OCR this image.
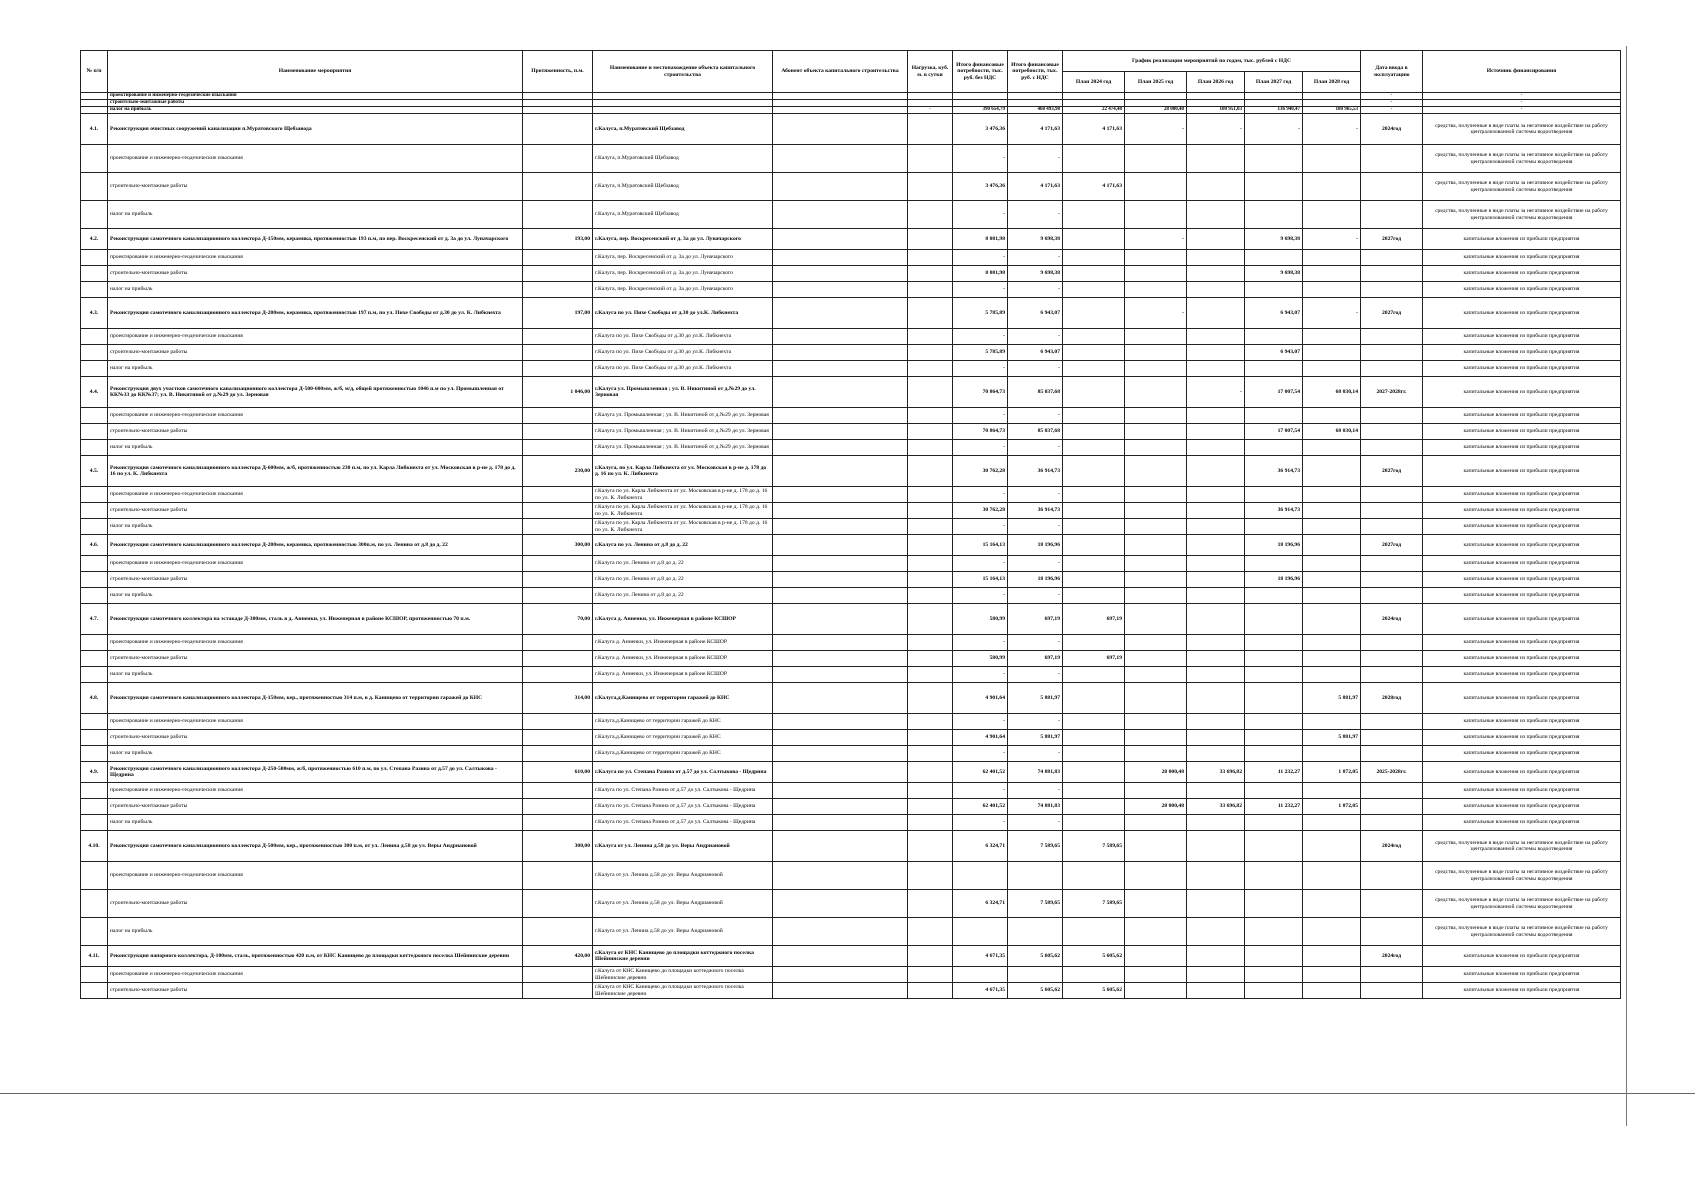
№ п/п	Наименование мероприятия	Протяженность, п.м.	Наименование и местонахождение объекта капитального строительства	Абонент объекта капитального строительства	Нагрузка, куб. м. в сутки	Итого финансовые потребности, тыс. руб. без НДС	Итого финансовые потребности, тыс. руб. с НДС	График реализации мероприятий по годам, тыс. рублей с НДС					Дата ввода в эксплуатацию	Источник финансирования
								План 2024 год	План 2025 год	План 2026 год	План 2027 год	План 2028 год		
	проектирование и инженерно-геодезические изыскания												-	-
	строительно-монтажные работы												-	-
	налог на прибыль				-	390 654,79	468 493,98	22 474,48	28 000,48	100 951,03	136 940,47	180 965,53	-	-
4.1.	Реконструкция очистных сооружений канализации п.Муратовского Щебзавода		г.Калуга, п.Муратовский Щебзавод			3 476,36	4 171,63	4 171,63	-	-	-	-	2024год	средства, полученные в виде платы за негативное воздействие на работу централизованной системы водоотведения
	проектирование и инженерно-геодезические изыскания		г.Калуга, п.Муратовский Щебзавод			-	-							средства, полученные в виде платы за негативное воздействие на работу централизованной системы водоотведения
	строительно-монтажные работы		г.Калуга, п.Муратовский Щебзавод			3 476,36	4 171,63	4 171,63						средства, полученные в виде платы за негативное воздействие на работу централизованной системы водоотведения
	налог на прибыль		г.Калуга, п.Муратовский Щебзавод			-	-							средства, полученные в виде платы за негативное воздействие на работу централизованной системы водоотведения
4.2.	Реконструкция самотечного канализационного коллектора Д-150мм, керамика, протяженностью 193 п.м, по пер. Воскресенский от д. 3а до ул. Луначарского	193,00	г.Калуга, пер. Воскресенский от д. 3а до ул. Луначарского			8 081,98	9 698,38		-		9 698,38	-	2027год	капитальные вложения из прибыли предприятия
	проектирование и инженерно-геодезические изыскания		г.Калуга, пер. Воскресенский от д. 3а до ул. Луначарского			-	-							капитальные вложения из прибыли предприятия
	строительно-монтажные работы		г.Калуга, пер. Воскресенский от д. 3а до ул. Луначарского			8 081,98	9 698,38				9 698,38			капитальные вложения из прибыли предприятия
	налог на прибыль		г.Калуга, пер. Воскресенский от д. 3а до ул. Луначарского			-	-							капитальные вложения из прибыли предприятия
4.3.	Реконструкция самотечного канализационного коллектора Д-200мм, керамика, протяженностью 197 п.м, по ул. Пихе Свободы от д.30 до ул. К. Либкнехта	197,00	г.Калуга по ул. Пихе Свободы от д.30 до ул.К. Либкнехта			5 785,89	6 943,07		-		6 943,07	-	2027год	капитальные вложения из прибыли предприятия
	проектирование и инженерно-геодезические изыскания		г.Калуга по ул. Пихе Свободы от д.30 до ул.К. Либкнехта			-	-							капитальные вложения из прибыли предприятия
	строительно-монтажные работы		г.Калуга по ул. Пихе Свободы от д.30 до ул.К. Либкнехта			5 785,89	6 943,07				6 943,07			капитальные вложения из прибыли предприятия
	налог на прибыль		г.Калуга по ул. Пихе Свободы от д.30 до ул.К. Либкнехта			-	-							капитальные вложения из прибыли предприятия
4.4.	Реконструкция двух участков самотечного канализационного коллектора Д-500-600мм, ж/б, м/д, общей протяженностью 1046 п.м по ул. Промышленная от КК№33 до КК№37; ул. В. Никитиной от д.№29 до ул. Зерновая	1 046,00	г.Калуга ул. Промышленная ; ул. В. Никитиной от д.№29 до ул. Зерновая			70 864,73	85 037,68			-	17 007,54	68 030,14	2027-2028гг.	капитальные вложения из прибыли предприятия
	проектирование и инженерно-геодезические изыскания		г.Калуга ул. Промышленная ; ул. В. Никитиной от д.№29 до ул. Зерновая			-	-							капитальные вложения из прибыли предприятия
	строительно-монтажные работы		г.Калуга ул. Промышленная ; ул. В. Никитиной от д.№29 до ул. Зерновая			70 864,73	85 037,68				17 007,54	68 030,14		капитальные вложения из прибыли предприятия
	налог на прибыль		г.Калуга ул. Промышленная ; ул. В. Никитиной от д.№29 до ул. Зерновая			-	-							капитальные вложения из прибыли предприятия
4.5.	Реконструкция самотечного канализационного коллектора Д-600мм, ж/б, протяженностью 230 п.м, по ул. Карла Либкнехта от ул. Московская в р-не д. 178 до д. 16 по ул. К. Либкнехта	230,00	г.Калуга, по ул. Карла Либкнехта от ул. Московская в р-не д. 178 до д. 16 по ул. К. Либкнехта			30 762,28	36 914,73				36 914,73		2027год	капитальные вложения из прибыли предприятия
	проектирование и инженерно-геодезические изыскания		г.Калуга по ул. Карла Либкнехта от ул. Московская в р-не д. 178 до д. 16 по ул. К. Либкнехта			-	-							капитальные вложения из прибыли предприятия
	строительно-монтажные работы		г.Калуга по ул. Карла Либкнехта от ул. Московская в р-не д. 178 до д. 16 по ул. К. Либкнехта			30 762,28	36 914,73				36 914,73			капитальные вложения из прибыли предприятия
	налог на прибыль		г.Калуга по ул. Карла Либкнехта от ул. Московская в р-не д. 178 до д. 16 по ул. К. Либкнехта			-	-							капитальные вложения из прибыли предприятия
4.6.	Реконструкция самотечного канализационного коллектора Д-200мм, керамика, протяженностью 300п.м, по ул. Ленина от д.8 до д. 22	300,00	г.Калуга по ул. Ленина от д.8 до д. 22			15 164,13	18 196,96				18 196,96		2027год	капитальные вложения из прибыли предприятия
	проектирование и инженерно-геодезические изыскания		г.Калуга по ул. Ленина от д.8 до д. 22			-	-							капитальные вложения из прибыли предприятия
	строительно-монтажные работы		г.Калуга по ул. Ленина от д.8 до д. 22			15 164,13	18 196,96				18 196,96			капитальные вложения из прибыли предприятия
	налог на прибыль		г.Калуга по ул. Ленина от д.8 до д. 22			-	-							капитальные вложения из прибыли предприятия
4.7.	Реконструкция самотечного коллектора на эстакаде Д-300мм, сталь в д. Анненки, ул. Инженерная в районе КСШОР, протяженностью 70 п.м.	70,00	г.Калуга д. Анненки, ул. Инженерная в районе КСШОР			580,99	697,19	697,19					2024год	капитальные вложения из прибыли предприятия
	проектирование и инженерно-геодезические изыскания		г.Калуга д. Анненки, ул. Инженерная в районе КСШОР			-	-							капитальные вложения из прибыли предприятия
	строительно-монтажные работы		г.Калуга д. Анненки, ул. Инженерная в районе КСШОР			580,99	697,19	697,19						капитальные вложения из прибыли предприятия
	налог на прибыль		г.Калуга д. Анненки, ул. Инженерная в районе КСШОР			-	-							капитальные вложения из прибыли предприятия
4.8.	Реконструкция самотечного канализационного коллектора Д-150мм, кер., протяженностью 314 п.м, в д. Канищево от территории гаражей до КНС	314,00	г.Калуга,д.Канищево от территории гаражей до КНС			4 901,64	5 881,97					5 881,97	2028год	капитальные вложения из прибыли предприятия
	проектирование и инженерно-геодезические изыскания		г.Калуга,д.Канищево от территории гаражей до КНС			-	-							капитальные вложения из прибыли предприятия
	строительно-монтажные работы		г.Калуга,д.Канищево от территории гаражей до КНС			4 901,64	5 881,97					5 881,97		капитальные вложения из прибыли предприятия
	налог на прибыль		г.Калуга,д.Канищево от территории гаражей до КНС			-	-							капитальные вложения из прибыли предприятия
4.9.	Реконструкция самотечного канализационного коллектора Д-250-500мм, ж/б, протяженностью 610 п.м, по ул. Степана Разина от д.57 до ул. Салтыкова - Щедрина	610,00	г.Калуга по ул. Степана Разина от д.57 до ул. Салтыкова - Щедрина			62 401,52	74 881,83		28 000,48	33 696,82	11 232,27	1 872,05	2025-2028гг.	капитальные вложения из прибыли предприятия
	проектирование и инженерно-геодезические изыскания		г.Калуга по ул. Степана Разина от д.57 до ул. Салтыкова - Щедрина			-	-							капитальные вложения из прибыли предприятия
	строительно-монтажные работы		г.Калуга по ул. Степана Разина от д.57 до ул. Салтыкова - Щедрина			62 401,52	74 881,83		28 000,48	33 696,82	11 232,27	1 872,05		капитальные вложения из прибыли предприятия
	налог на прибыль		г.Калуга по ул. Степана Разина от д.57 до ул. Салтыкова - Щедрина			-	-							капитальные вложения из прибыли предприятия
4.10.	Реконструкция самотечного канализационного коллектора Д-500мм, кер., протяженностью 300 п.м, от ул. Ленина д.58 до ул. Веры Андриановой	300,00	г.Калуга от ул. Ленина д.58 до ул. Веры Андриановой			6 324,71	7 589,65	7 589,65					2024год	средства, полученные в виде платы за негативное воздействие на работу централизованной системы водоотведения
	проектирование и инженерно-геодезические изыскания		г.Калуга от ул. Ленина д.58 до ул. Веры Андриановой											средства, полученные в виде платы за негативное воздействие на работу централизованной системы водоотведения
	строительно-монтажные работы		г.Калуга от ул. Ленина д.58 до ул. Веры Андриановой			6 324,71	7 589,65	7 589,65						средства, полученные в виде платы за негативное воздействие на работу централизованной системы водоотведения
	налог на прибыль		г.Калуга от ул. Ленина д.58 до ул. Веры Андриановой											средства, полученные в виде платы за негативное воздействие на работу централизованной системы водоотведения
4.11.	Реконструкция напорного коллектора, Д-100мм, сталь, протяженностью 420 п.м, от КНС Канищево до площадки коттеджного поселка Шейнинские деревни	420,00	г.Калуга от КНС Канищево до площадки коттеджного поселка Шейнинские деревни			4 671,35	5 605,62	5 605,62					2024год	капитальные вложения из прибыли предприятия
	проектирование и инженерно-геодезические изыскания		г.Калуга от КНС Канищево до площадки коттеджного поселка Шейнинские деревни											капитальные вложения из прибыли предприятия
	строительно-монтажные работы		г.Калуга от КНС Канищево до площадки коттеджного поселка Шейнинские деревни			4 671,35	5 605,62	5 605,62						капитальные вложения из прибыли предприятия
